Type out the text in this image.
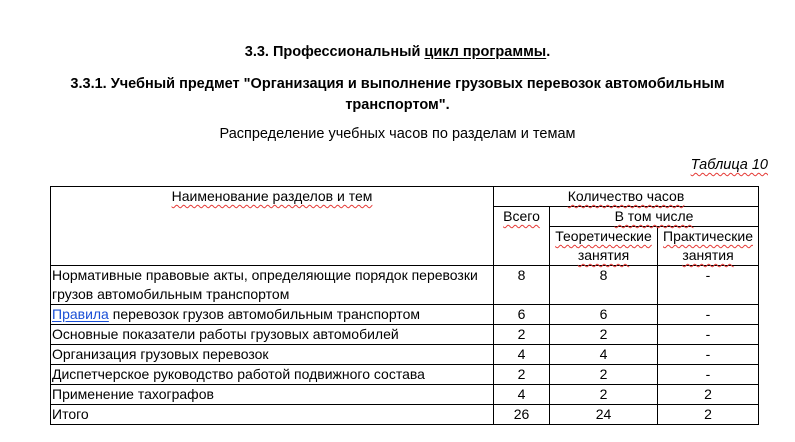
3.3. Профессиональный цикл программы.
3.3.1. Учебный предмет "Организация и выполнение грузовых перевозок автомобильным
транспортом".
Распределение учебных часов по разделам и темам
Таблица 10
Наименование разделов и тем	Количество часов		
	Всего	В том числе	
		Теоретические занятия	Практические занятия
Нормативные правовые акты, определяющие порядок перевозки грузов автомобильным транспортом	8	8	-
Правила перевозок грузов автомобильным транспортом	6	6	-
Основные показатели работы грузовых автомобилей	2	2	-
Организация грузовых перевозок	4	4	-
Диспетчерское руководство работой подвижного состава	2	2	-
Применение тахографов	4	2	2
Итого	26	24	2
